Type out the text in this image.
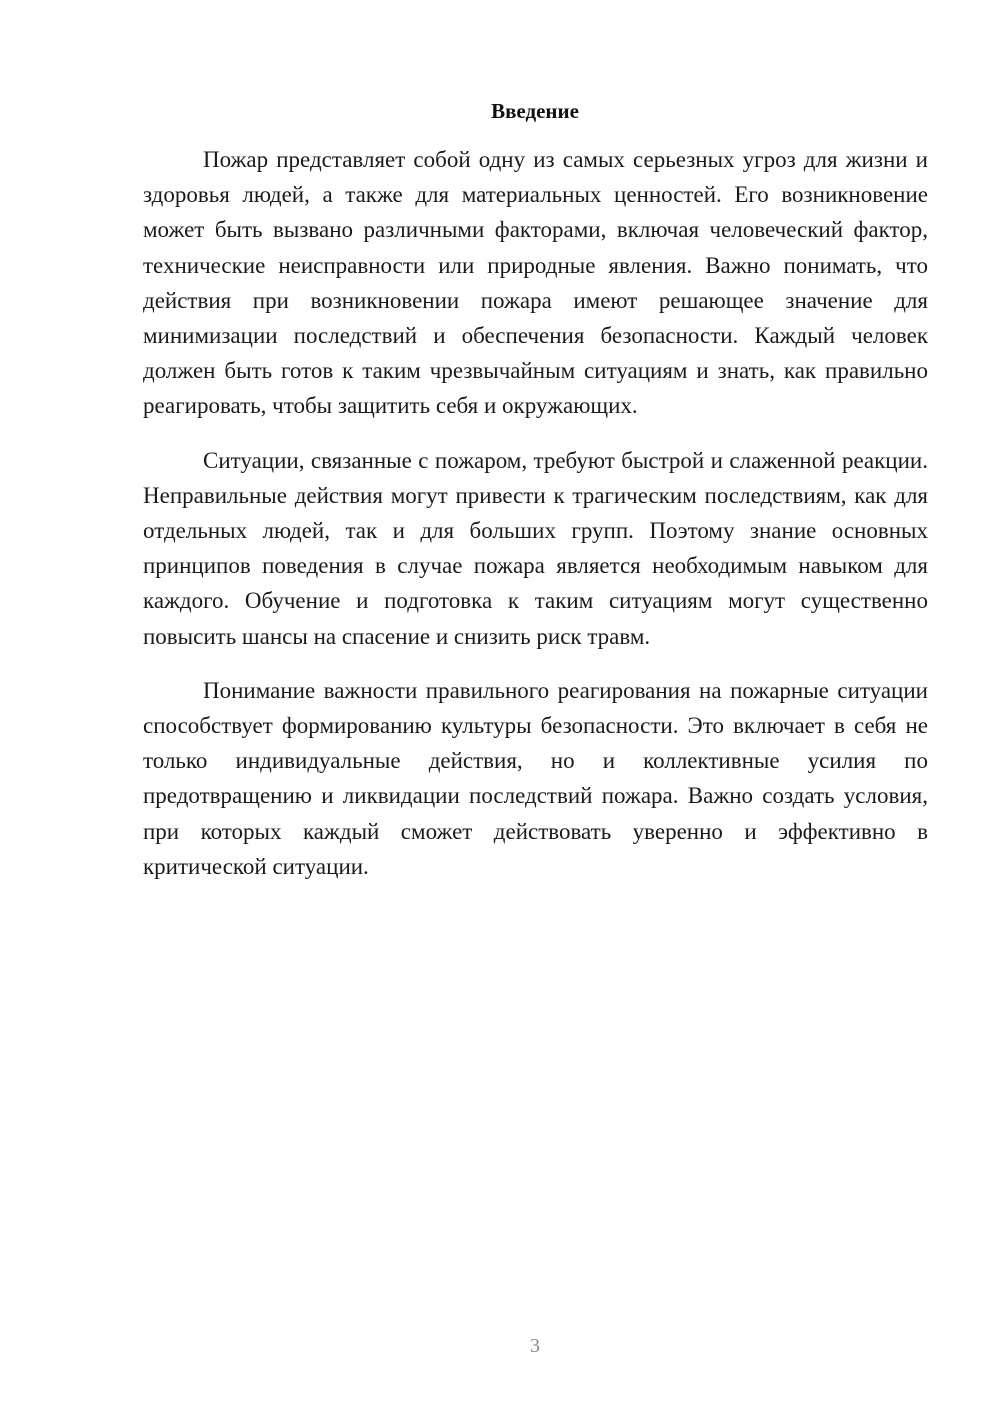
Введение

Пожар представляет собой одну из самых серьезных угроз для жизни и здоровья людей, а также для материальных ценностей. Его возникновение может быть вызвано различными факторами, включая человеческий фактор, технические неисправности или природные явления. Важно понимать, что действия при возникновении пожара имеют решающее значение для минимизации последствий и обеспечения безопасности. Каждый человек должен быть готов к таким чрезвычайным ситуациям и знать, как правильно реагировать, чтобы защитить себя и окружающих.

Ситуации, связанные с пожаром, требуют быстрой и слаженной реакции. Неправильные действия могут привести к трагическим последствиям, как для отдельных людей, так и для больших групп. Поэтому знание основных принципов поведения в случае пожара является необходимым навыком для каждого. Обучение и подготовка к таким ситуациям могут существенно повысить шансы на спасение и снизить риск травм.

Понимание важности правильного реагирования на пожарные ситуации способствует формированию культуры безопасности. Это включает в себя не только индивидуальные действия, но и коллективные усилия по предотвращению и ликвидации последствий пожара. Важно создать условия, при которых каждый сможет действовать уверенно и эффективно в критической ситуации.

3
